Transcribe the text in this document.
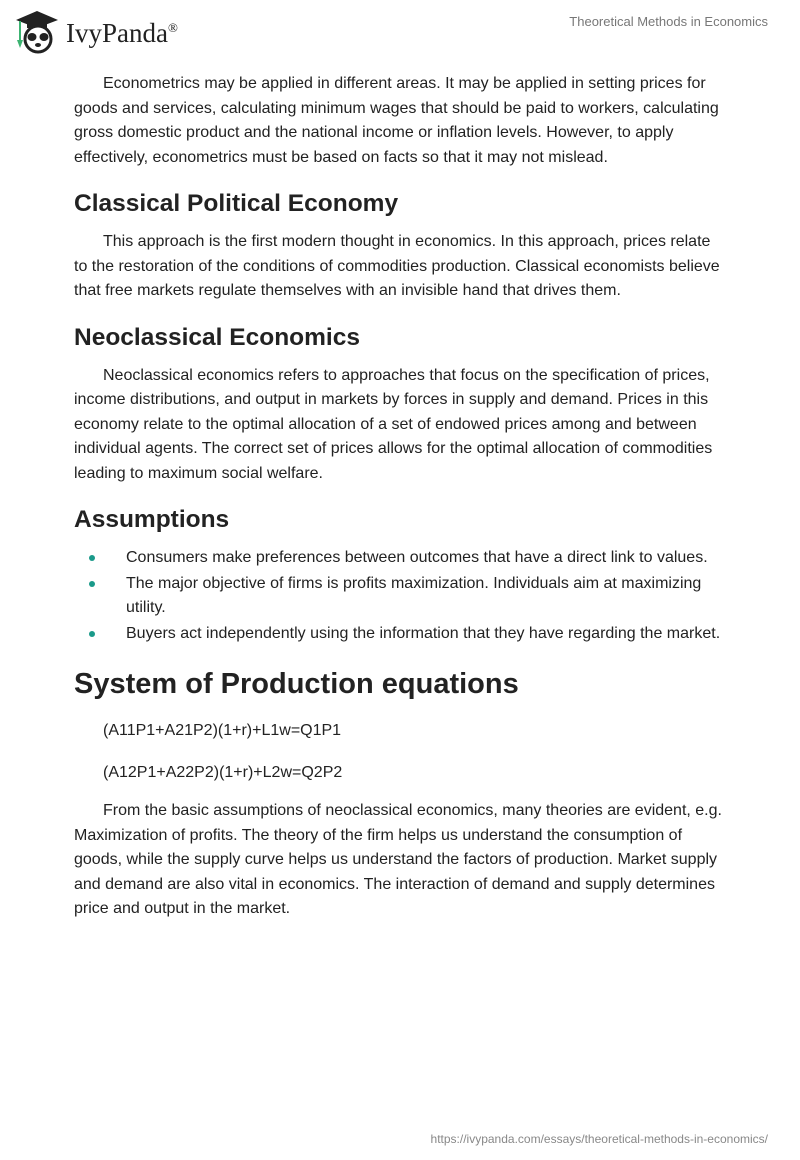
IvyPanda®	Theoretical Methods in Economics

Econometrics may be applied in different areas. It may be applied in setting prices for goods and services, calculating minimum wages that should be paid to workers, calculating gross domestic product and the national income or inflation levels. However, to apply effectively, econometrics must be based on facts so that it may not mislead.

Classical Political Economy

This approach is the first modern thought in economics. In this approach, prices relate to the restoration of the conditions of commodities production. Classical economists believe that free markets regulate themselves with an invisible hand that drives them.

Neoclassical Economics

Neoclassical economics refers to approaches that focus on the specification of prices, income distributions, and output in markets by forces in supply and demand. Prices in this economy relate to the optimal allocation of a set of endowed prices among and between individual agents. The correct set of prices allows for the optimal allocation of commodities leading to maximum social welfare.

Assumptions
Consumers make preferences between outcomes that have a direct link to values.
The major objective of firms is profits maximization. Individuals aim at maximizing utility.
Buyers act independently using the information that they have regarding the market.
System of Production equations

(A11P1+A21P2)(1+r)+L1w=Q1P1

(A12P1+A22P2)(1+r)+L2w=Q2P2

From the basic assumptions of neoclassical economics, many theories are evident, e.g. Maximization of profits. The theory of the firm helps us understand the consumption of goods, while the supply curve helps us understand the factors of production. Market supply and demand are also vital in economics. The interaction of demand and supply determines price and output in the market.

https://ivypanda.com/essays/theoretical-methods-in-economics/
